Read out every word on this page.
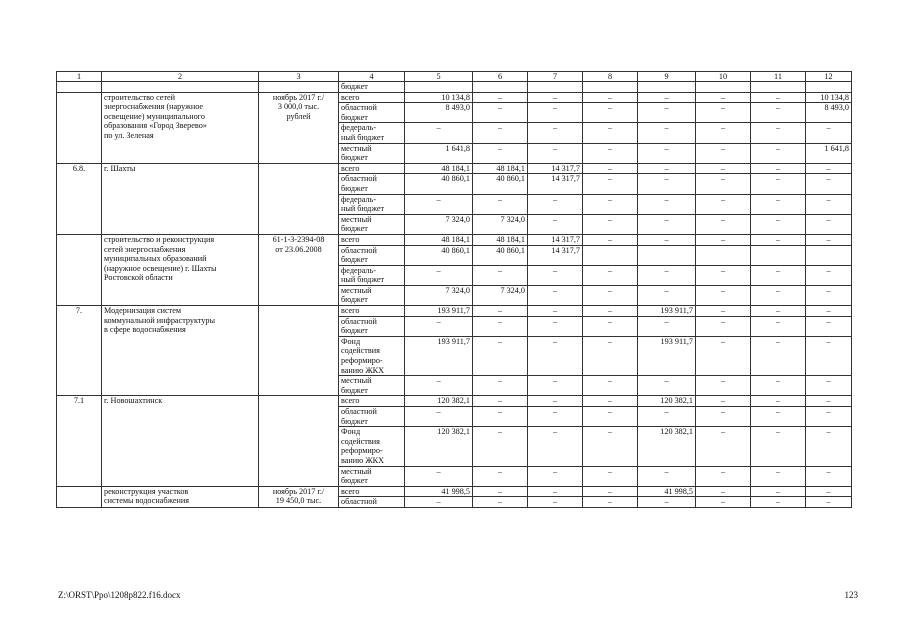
1	2	3	4	5	6	7	8	9	10	11	12

			бюджет								

	строительство сетей
энергоснабжения (наружное
освещение) муниципального
образования «Город Зверево»
по ул. Зеленая	ноябрь 2017 г./
3 000,0 тыс.
рублей	всего	10 134,8	–	–	–	–	–	–	10 134,8

			областной
бюджет	8 493,0	–	–	–	–	–	–	8 493,0

			федераль-
ный бюджет	–	–	–	–	–	–	–	–

			местный
бюджет	1 641,8	–	–	–	–	–	–	1 641,8
6.8.	г. Шахты		всего	48 184,1	48 184,1	14 317,7	–	–	–	–	–

			областной
бюджет	40 860,1	40 860,1	14 317,7	–	–	–	–	–

			федераль-
ный бюджет	–	–	–	–	–	–	–	–

			местный
бюджет	7 324,0	7 324,0	–	–	–	–	–	–

	строительство и реконструкция
сетей энергоснабжения
муниципальных образований
(наружное освещение) г. Шахты
Ростовской области	61-1-3-2394-08
от 23.06.2008	всего	48 184,1	48 184,1	14 317,7	–	–	–	–	–

			областной
бюджет	40 860,1	40 860,1	14 317,7					

			федераль-
ный бюджет	–	–	–	–	–	–	–	–

			местный
бюджет	7 324,0	7 324,0	–	–	–	–	–	–
7.	Модернизация систем
коммунальной инфраструктуры
в сфере водоснабжения		всего	193 911,7	–	–	–	193 911,7	–	–	–

			областной
бюджет	–	–	–	–	–	–	–	–

			Фонд
содействия
реформиро-
ванию ЖКХ	193 911,7	–	–	–	193 911,7	–	–	–

			местный
бюджет	–	–	–	–	–	–	–	–
7.1	г. Новошахтинск		всего	120 382,1	–	–	–	120 382,1	–	–	–

			областной
бюджет	–	–	–	–	–	–	–	–

			Фонд
содействия
реформиро-
ванию ЖКХ	120 382,1	–	–	–	120 382,1	–	–	–

			местный
бюджет	–	–	–	–	–	–	–	–

	реконструкция участков
системы водоснабжения	ноябрь 2017 г./
19 450,0 тыс.	всего	41 998,5	–	–	–	41 998,5	–	–	–

			областной	–	–	–	–	–	–	–	–
Z:\ORST\Ppo\1208p822.f16.docx	123
